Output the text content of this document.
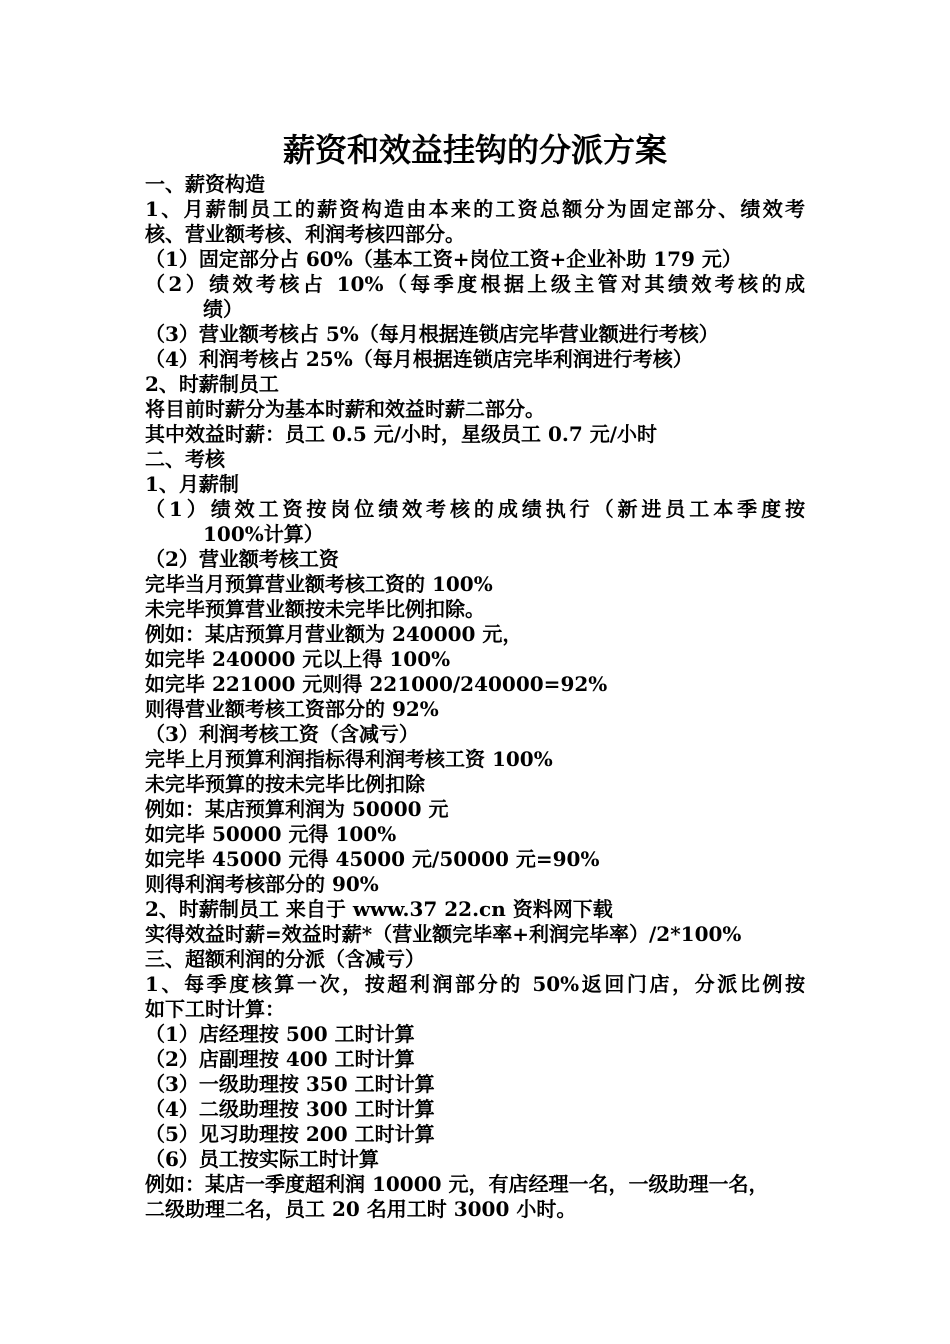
薪资和效益挂钩的分派方案
一、薪资构造
1、月薪制员工的薪资构造由本来的工资总额分为固定部分、绩效考
核、营业额考核、利润考核四部分。
（1）固定部分占 60%（基本工资+岗位工资+企业补助 179 元）
（2）绩效考核占 10%（每季度根据上级主管对其绩效考核的成
绩）
（3）营业额考核占 5%（每月根据连锁店完毕营业额进行考核）
（4）利润考核占 25%（每月根据连锁店完毕利润进行考核）
2、时薪制员工
将目前时薪分为基本时薪和效益时薪二部分。
其中效益时薪：员工 0.5 元/小时，星级员工 0.7 元/小时
二、考核
1、月薪制
（1）绩效工资按岗位绩效考核的成绩执行（新进员工本季度按
100%计算）
（2）营业额考核工资
完毕当月预算营业额考核工资的 100%
未完毕预算营业额按未完毕比例扣除。
例如：某店预算月营业额为 240000 元，
如完毕 240000 元以上得 100%
如完毕 221000 元则得 221000/240000=92%
则得营业额考核工资部分的 92%
（3）利润考核工资（含减亏）
完毕上月预算利润指标得利润考核工资 100%
未完毕预算的按未完毕比例扣除
例如：某店预算利润为 50000 元
如完毕 50000 元得 100%
如完毕 45000 元得 45000 元/50000 元=90%
则得利润考核部分的 90%
2、时薪制员工 来自于 www.37 22.cn 资料网下载
实得效益时薪=效益时薪*（营业额完毕率+利润完毕率）/2*100%
三、超额利润的分派（含减亏）
1、每季度核算一次，按超利润部分的 50%返回门店，分派比例按
如下工时计算：
（1）店经理按 500 工时计算
（2）店副理按 400 工时计算
（3）一级助理按 350 工时计算
（4）二级助理按 300 工时计算
（5）见习助理按 200 工时计算
（6）员工按实际工时计算
例如：某店一季度超利润 10000 元，有店经理一名，一级助理一名，
二级助理二名，员工 20 名用工时 3000 小时。
